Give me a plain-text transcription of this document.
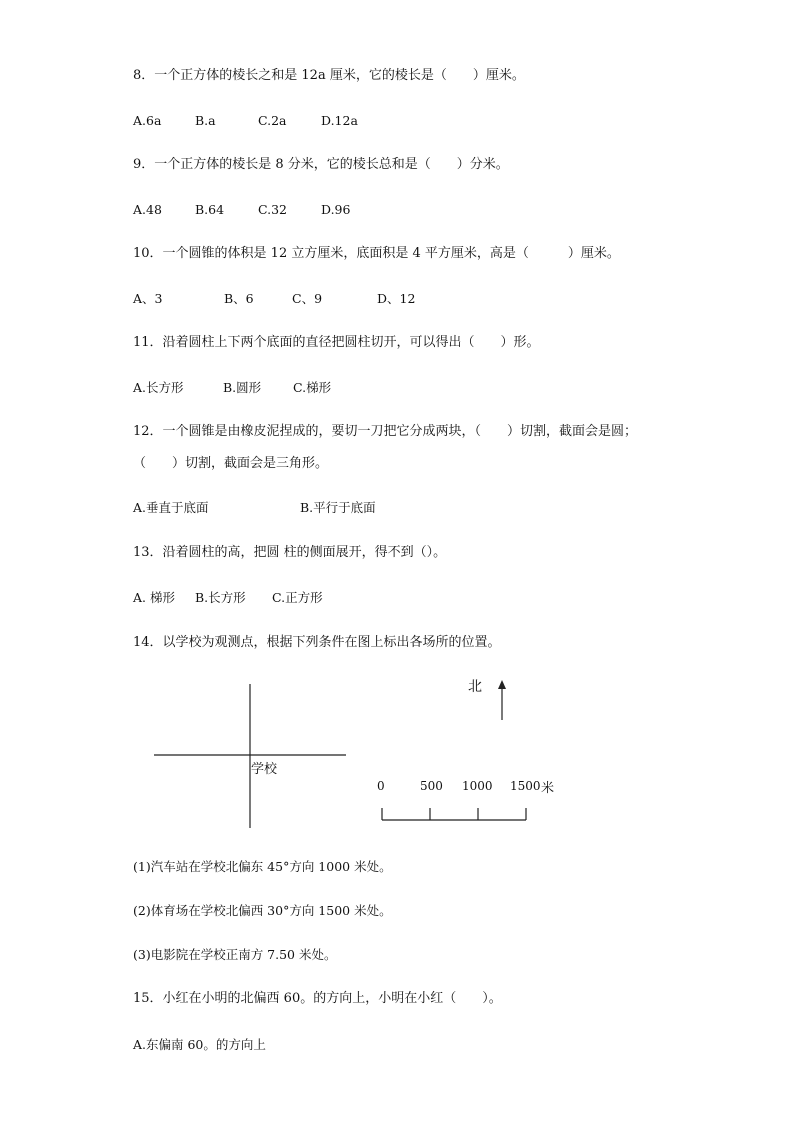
8．一个正方体的棱长之和是 12a 厘米，它的棱长是（　　）厘米。
A.6a	B.a	C.2a	D.12a
9．一个正方体的棱长是 8 分米，它的棱长总和是（　　）分米。
A.48	B.64	C.32	D.96
10．一个圆锥的体积是 12 立方厘米，底面积是 4 平方厘米，高是（　　　）厘米。
A、3	B、6	C、9	D、12
11．沿着圆柱上下两个底面的直径把圆柱切开，可以得出（　　）形。
A.长方形	B.圆形	C.梯形
12．一个圆锥是由橡皮泥捏成的，要切一刀把它分成两块，（　　）切割，截面会是圆；
（　　）切割，截面会是三角形。
A.垂直于底面	B.平行于底面
13．沿着圆柱的高，把圆 柱的侧面展开，得不到（）。
A. 梯形 B.长方形 C.正方形
14．以学校为观测点，根据下列条件在图上标出各场所的位置。
学校
北
0	500 1000 1500 米
(1)汽车站在学校北偏东 45°方向 1000 米处。
(2)体育场在学校北偏西 30°方向 1500 米处。
(3)电影院在学校正南方 7.50 米处。
15．小红在小明的北偏西 60。的方向上，小明在小红（　　）。
A.东偏南 60。的方向上
